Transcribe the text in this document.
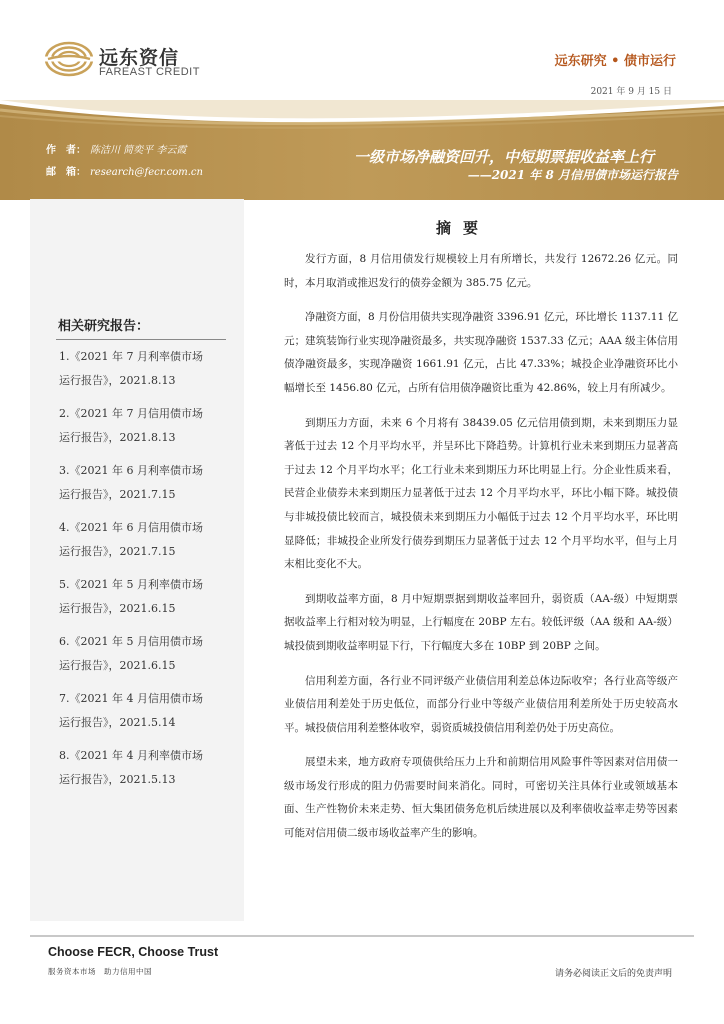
远东资信
FAREAST CREDIT
远东研究 • 债市运行
2021 年 9 月 15 日
作　者： 陈洁川 简奕平 李云霞
邮　箱： research@fecr.com.cn
一级市场净融资回升，中短期票据收益率上行
——2021 年 8 月信用债市场运行报告
相关研究报告：
1.《2021 年 7 月利率债市场
运行报告》，2021.8.13
2.《2021 年 7 月信用债市场
运行报告》，2021.8.13
3.《2021 年 6 月利率债市场
运行报告》，2021.7.15
4.《2021 年 6 月信用债市场
运行报告》，2021.7.15
5.《2021 年 5 月利率债市场
运行报告》，2021.6.15
6.《2021 年 5 月信用债市场
运行报告》，2021.6.15
7.《2021 年 4 月信用债市场
运行报告》，2021.5.14
8.《2021 年 4 月利率债市场
运行报告》，2021.5.13
摘要

发行方面，8 月信用债发行规模较上月有所增长，共发行 12672.26 亿元。同时，本月取消或推迟发行的债券金额为 385.75 亿元。

净融资方面，8 月份信用债共实现净融资 3396.91 亿元，环比增长 1137.11 亿元；建筑装饰行业实现净融资最多，共实现净融资 1537.33 亿元；AAA 级主体信用债净融资最多，实现净融资 1661.91 亿元，占比 47.33%；城投企业净融资环比小幅增长至 1456.80 亿元，占所有信用债净融资比重为 42.86%，较上月有所减少。

到期压力方面，未来 6 个月将有 38439.05 亿元信用债到期，未来到期压力显著低于过去 12 个月平均水平，并呈环比下降趋势。计算机行业未来到期压力显著高于过去 12 个月平均水平；化工行业未来到期压力环比明显上行。分企业性质来看，民营企业债券未来到期压力显著低于过去 12 个月平均水平，环比小幅下降。城投债与非城投债比较而言，城投债未来到期压力小幅低于过去 12 个月平均水平，环比明显降低；非城投企业所发行债券到期压力显著低于过去 12 个月平均水平，但与上月末相比变化不大。

到期收益率方面，8 月中短期票据到期收益率回升，弱资质（AA-级）中短期票据收益率上行相对较为明显，上行幅度在 20BP 左右。较低评级（AA 级和 AA-级）城投债到期收益率明显下行，下行幅度大多在 10BP 到 20BP 之间。

信用利差方面，各行业不同评级产业债信用利差总体边际收窄；各行业高等级产业债信用利差处于历史低位，而部分行业中等级产业债信用利差所处于历史较高水平。城投债信用利差整体收窄，弱资质城投债信用利差仍处于历史高位。

展望未来，地方政府专项债供给压力上升和前期信用风险事件等因素对信用债一级市场发行形成的阻力仍需要时间来消化。同时，可密切关注具体行业或领域基本面、生产性物价未来走势、恒大集团债务危机后续进展以及利率债收益率走势等因素可能对信用债二级市场收益率产生的影响。

Choose FECR, Choose Trust
服务资本市场　助力信用中国	请务必阅读正文后的免责声明
